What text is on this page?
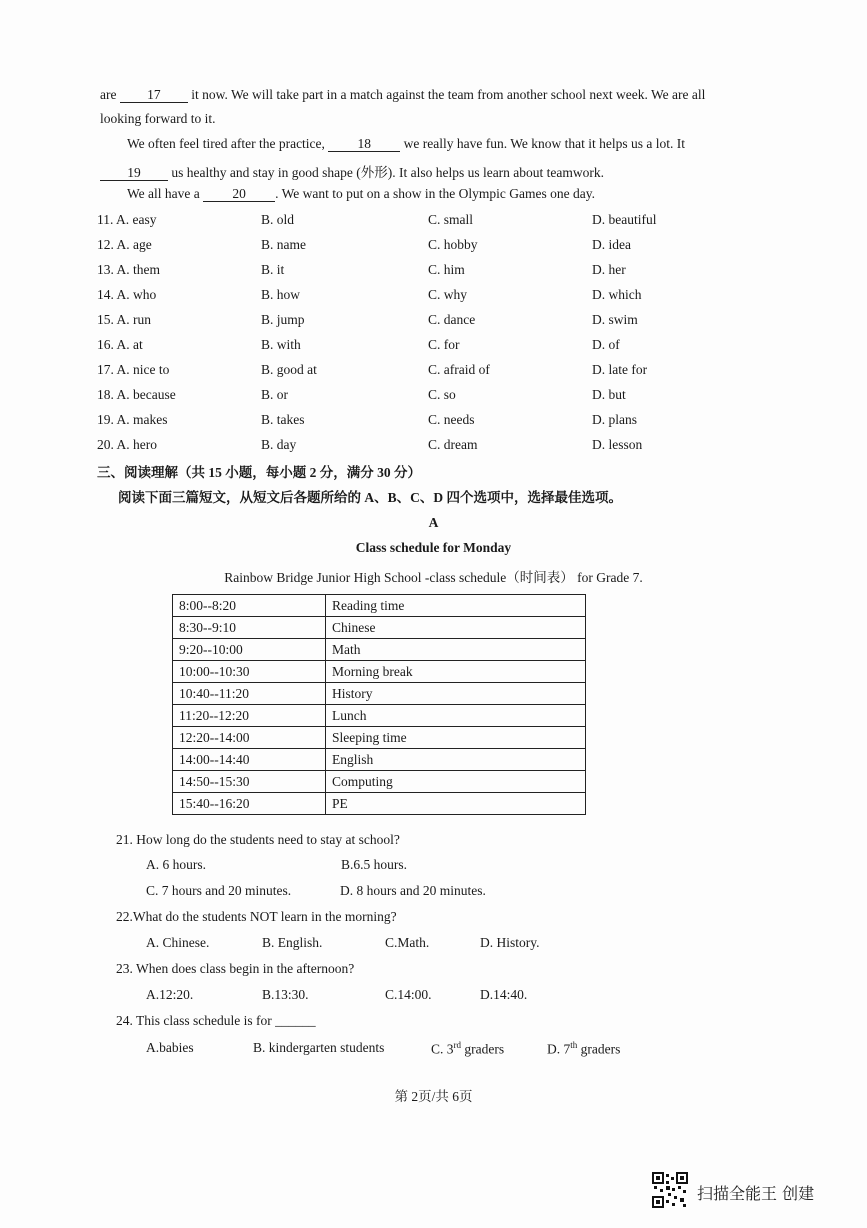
are 17 it now. We will take part in a match against the team from another school next week. We are all
looking forward to it.
We often feel tired after the practice, 18 we really have fun. We know that it helps us a lot. It
19 us healthy and stay in good shape (外形). It also helps us learn about teamwork.
We all have a 20 . We want to put on a show in the Olympic Games one day.
11. A. easy	B. old	C. small	D. beautiful
12. A. age	B. name	C. hobby	D. idea
13. A. them	B. it	C. him	D. her
14. A. who	B. how	C. why	D. which
15. A. run	B. jump	C. dance	D. swim
16. A. at	B. with	C. for	D. of
17. A. nice to	B. good at	C. afraid of	D. late for
18. A. because	B. or	C. so	D. but
19. A. makes	B. takes	C. needs	D. plans
20. A. hero	B. day	C. dream	D. lesson
三、阅读理解（共 15 小题，每小题 2 分，满分 30 分）
阅读下面三篇短文，从短文后各题所给的 A、B、C、D 四个选项中，选择最佳选项。
A
Class schedule for Monday
Rainbow Bridge Junior High School -class schedule（时间表） for Grade 7.
8:00--8:20	Reading time
8:30--9:10	Chinese
9:20--10:00	Math
10:00--10:30	Morning break
10:40--11:20	History
11:20--12:20	Lunch
12:20--14:00	Sleeping time
14:00--14:40	English
14:50--15:30	Computing
15:40--16:20	PE
21. How long do the students need to stay at school?
A. 6 hours.	B.6.5 hours.
C. 7 hours and 20 minutes.	D. 8 hours and 20 minutes.
22.What do the students NOT learn in the morning?
A. Chinese.	B. English.	C.Math.	D. History.
23. When does class begin in the afternoon?
A.12:20.	B.13:30.	C.14:00.	D.14:40.
24. This class schedule is for ______
A.babies	B. kindergarten students	C. 3rd graders	D. 7th graders
第 2页/共 6页
扫描全能王 创建
